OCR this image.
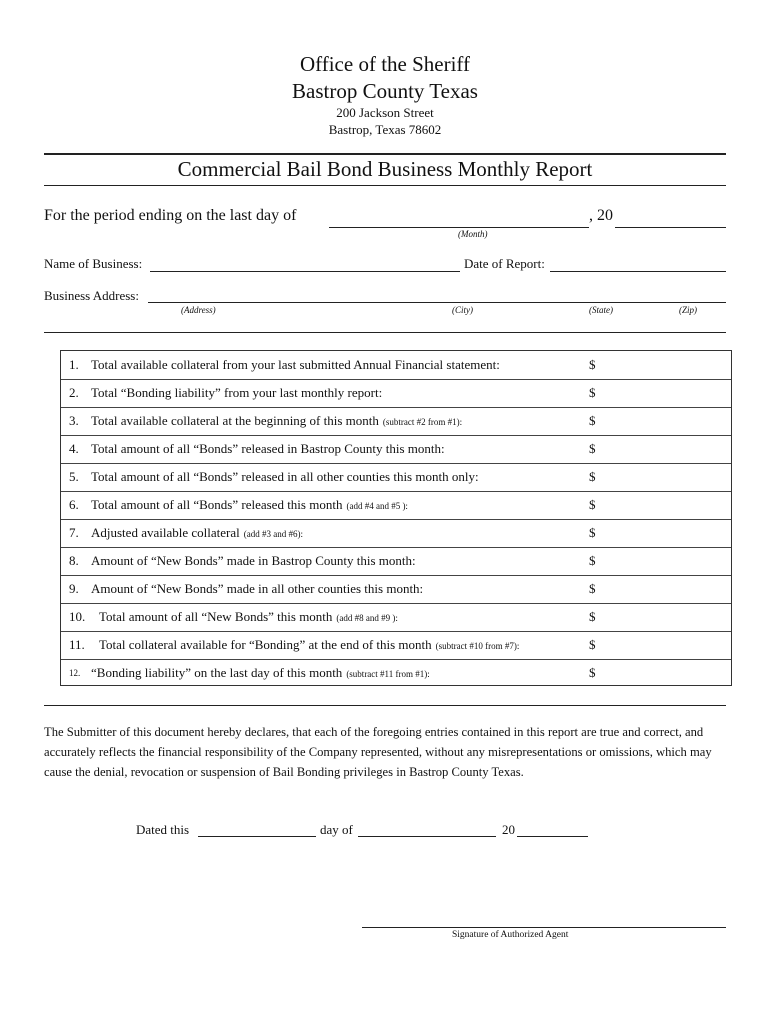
Office of the Sheriff
Bastrop County Texas
200 Jackson Street
Bastrop, Texas 78602
Commercial Bail Bond Business Monthly Report
For the period ending on the last day of	, 20
(Month)
Name of Business:	Date of Report:
Business Address:
(Address)	(City)	(State)	(Zip)
1. Total available collateral from your last submitted Annual Financial statement:	$
2. Total “Bonding liability” from your last monthly report:	$
3. Total available collateral at the beginning of this month (subtract #2 from #1):	$
4. Total amount of all “Bonds” released in Bastrop County this month:	$
5. Total amount of all “Bonds” released in all other counties this month only:	$
6. Total amount of all “Bonds” released this month (add #4 and #5 ):	$
7. Adjusted available collateral (add #3 and #6):	$
8. Amount of “New Bonds” made in Bastrop County this month:	$
9. Amount of “New Bonds” made in all other counties this month:	$
10. Total amount of all “New Bonds” this month (add #8 and #9 ):	$
11. Total collateral available for “Bonding” at the end of this month (subtract #10 from #7):	$
12. “Bonding liability” on the last day of this month (subtract #11 from #1):	$
The Submitter of this document hereby declares, that each of the foregoing entries contained in this report are true and correct, and accurately reflects the financial responsibility of the Company represented, without any misrepresentations or omissions, which may cause the denial, revocation or suspension of Bail Bonding privileges in Bastrop County Texas.
Dated this	day of	20
Signature of Authorized Agent
